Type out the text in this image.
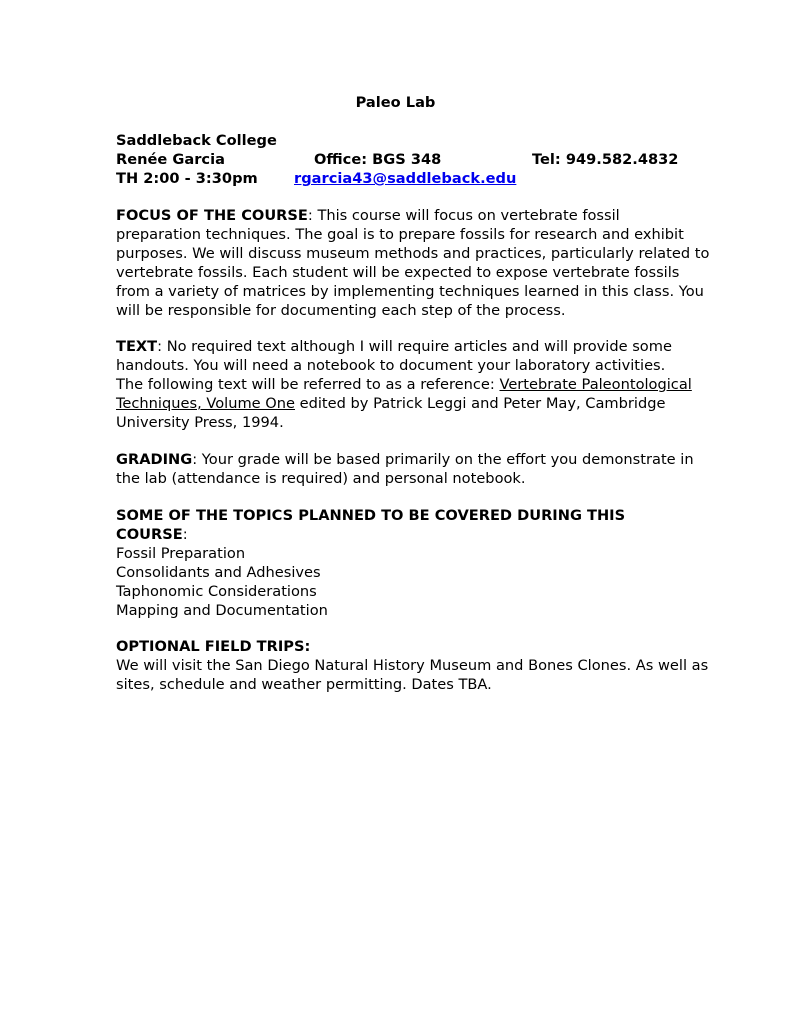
Paleo Lab
Saddleback College
Renée Garcia	Office: BGS 348	Tel: 949.582.4832
TH 2:00 - 3:30pm rgarcia43@saddleback.edu
FOCUS OF THE COURSE: This course will focus on vertebrate fossil
preparation techniques. The goal is to prepare fossils for research and exhibit
purposes. We will discuss museum methods and practices, particularly related to
vertebrate fossils. Each student will be expected to expose vertebrate fossils
from a variety of matrices by implementing techniques learned in this class. You
will be responsible for documenting each step of the process.
TEXT: No required text although I will require articles and will provide some
handouts. You will need a notebook to document your laboratory activities.
The following text will be referred to as a reference: Vertebrate Paleontological
Techniques, Volume One edited by Patrick Leggi and Peter May, Cambridge
University Press, 1994.
GRADING: Your grade will be based primarily on the effort you demonstrate in
the lab (attendance is required) and personal notebook.
SOME OF THE TOPICS PLANNED TO BE COVERED DURING THIS
COURSE:
Fossil Preparation
Consolidants and Adhesives
Taphonomic Considerations
Mapping and Documentation
OPTIONAL FIELD TRIPS:
We will visit the San Diego Natural History Museum and Bones Clones. As well as
sites, schedule and weather permitting. Dates TBA.
